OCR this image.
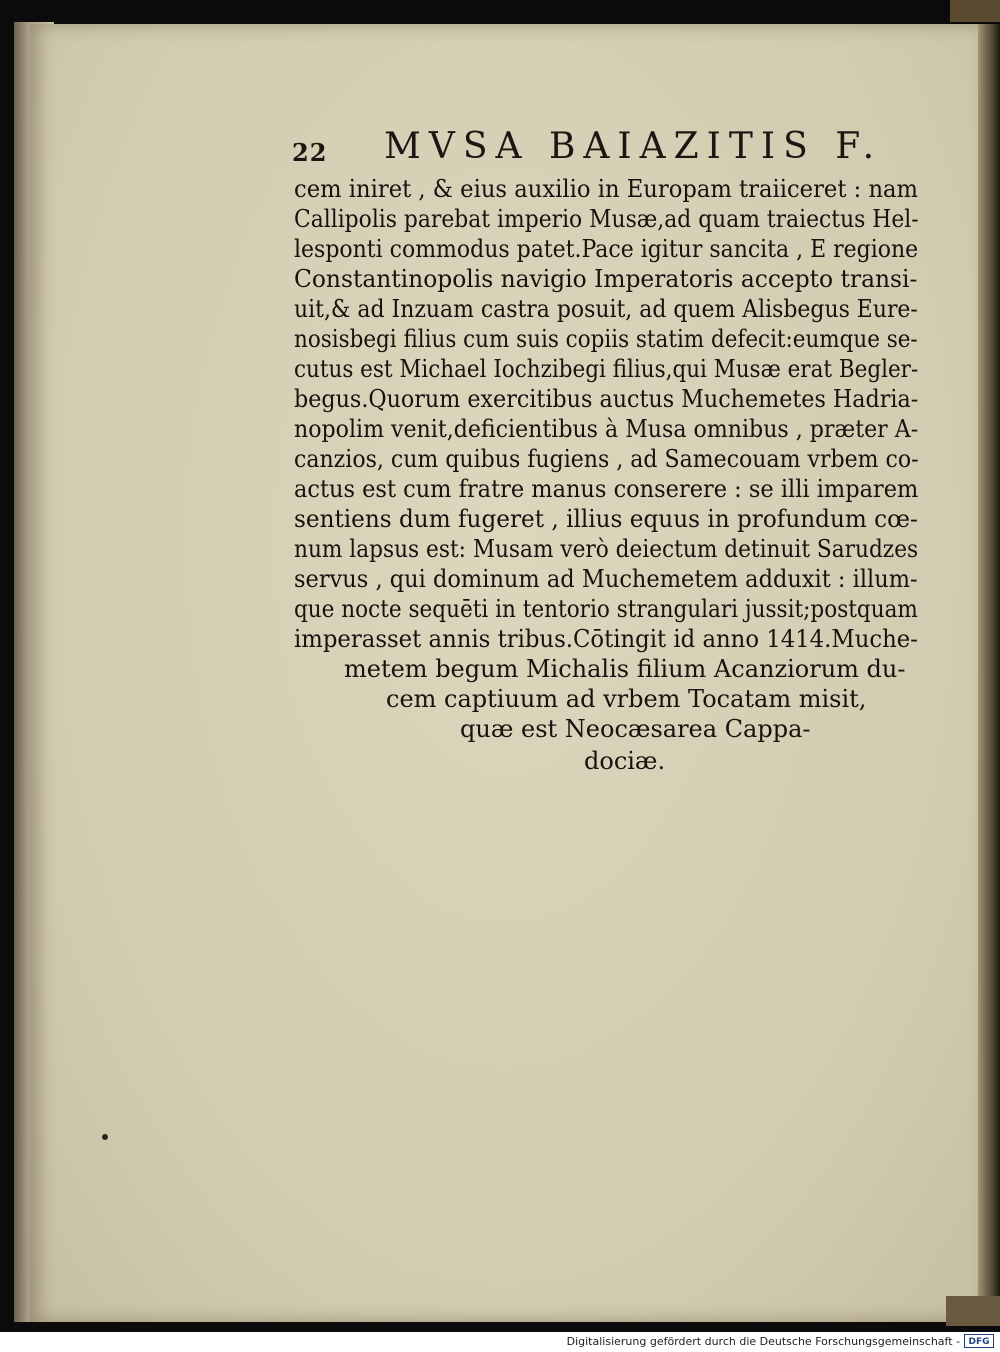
22 MVSA BAIAZITIS F.
cem iniret , & eius auxilio in Europam traiiceret : nam
Callipolis parebat imperio Musæ,ad quam traiectus Hel-
lesponti commodus patet.Pace igitur sancita , E regione
Constantinopolis navigio Imperatoris accepto transi-
uit,& ad Inzuam castra posuit, ad quem Alisbegus Eure-
nosisbegi filius cum suis copiis statim defecit:eumque se-
cutus est Michael Iochzibegi filius,qui Musæ erat Begler-
begus.Quorum exercitibus auctus Muchemetes Hadria-
nopolim venit,deficientibus à Musa omnibus , præter A-
canzios, cum quibus fugiens , ad Samecouam vrbem co-
actus est cum fratre manus conserere : se illi imparem
sentiens dum fugeret , illius equus in profundum cœ-
num lapsus est: Musam verò deiectum detinuit Sarudzes
servus , qui dominum ad Muchemetem adduxit : illum-
que nocte sequēti in tentorio strangulari jussit;postquam
imperasset annis tribus.Cōtingit id anno 1414.Muche-
metem begum Michalis filium Acanziorum du-
cem captiuum ad vrbem Tocatam misit,
quæ est Neocæsarea Cappa-
dociæ.
Digitalisierung gefördert durch die Deutsche Forschungsgemeinschaft - DFG
